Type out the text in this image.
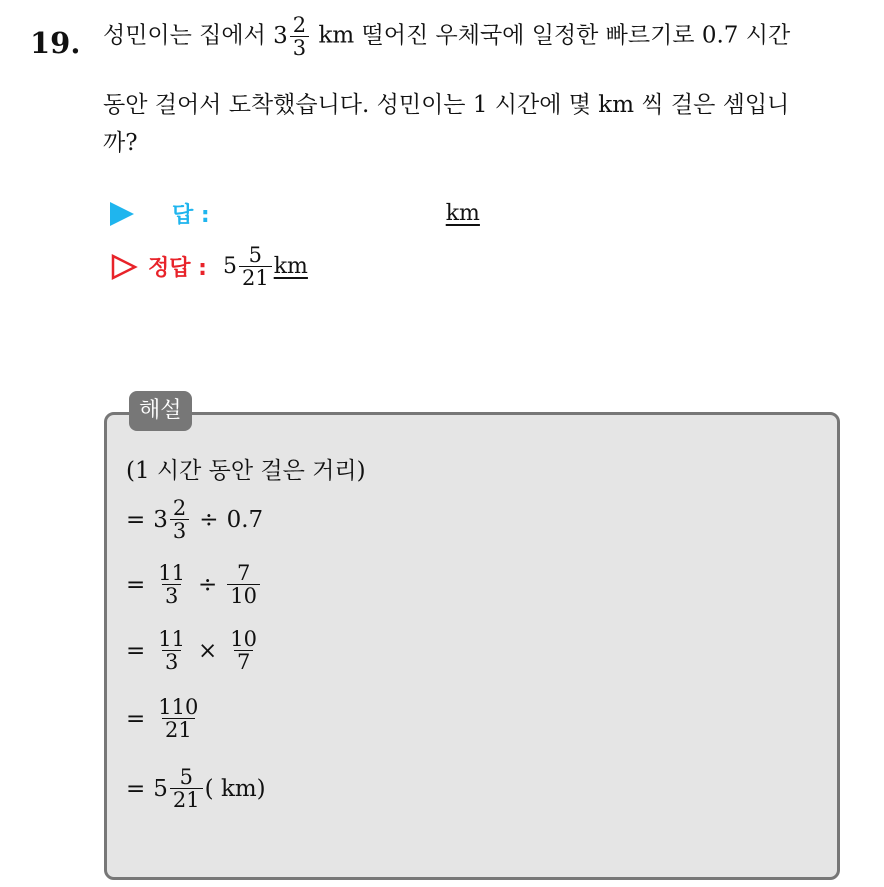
19. 성민이는 집에서 $3 \frac{2}{3}$ km 떨어진 우체국에 일정한 빠르기로 0.7 시간
동안 걸어서 도착했습니다. 성민이는 1 시간에 몇 km 씩 걸은 셈입니
까?
답 :	km
정답 : $5 \frac{5}{21}$ km
해설
(1 시간 동안 걸은 거리)
= $3 \frac{2}{3} \div 0.7$
= $\frac{11}{3} \div \frac{7}{10}$
= $\frac{11}{3} \times \frac{10}{7}$
= $\frac{110}{21}$
= $5 \frac{5}{21}$ ( km)
